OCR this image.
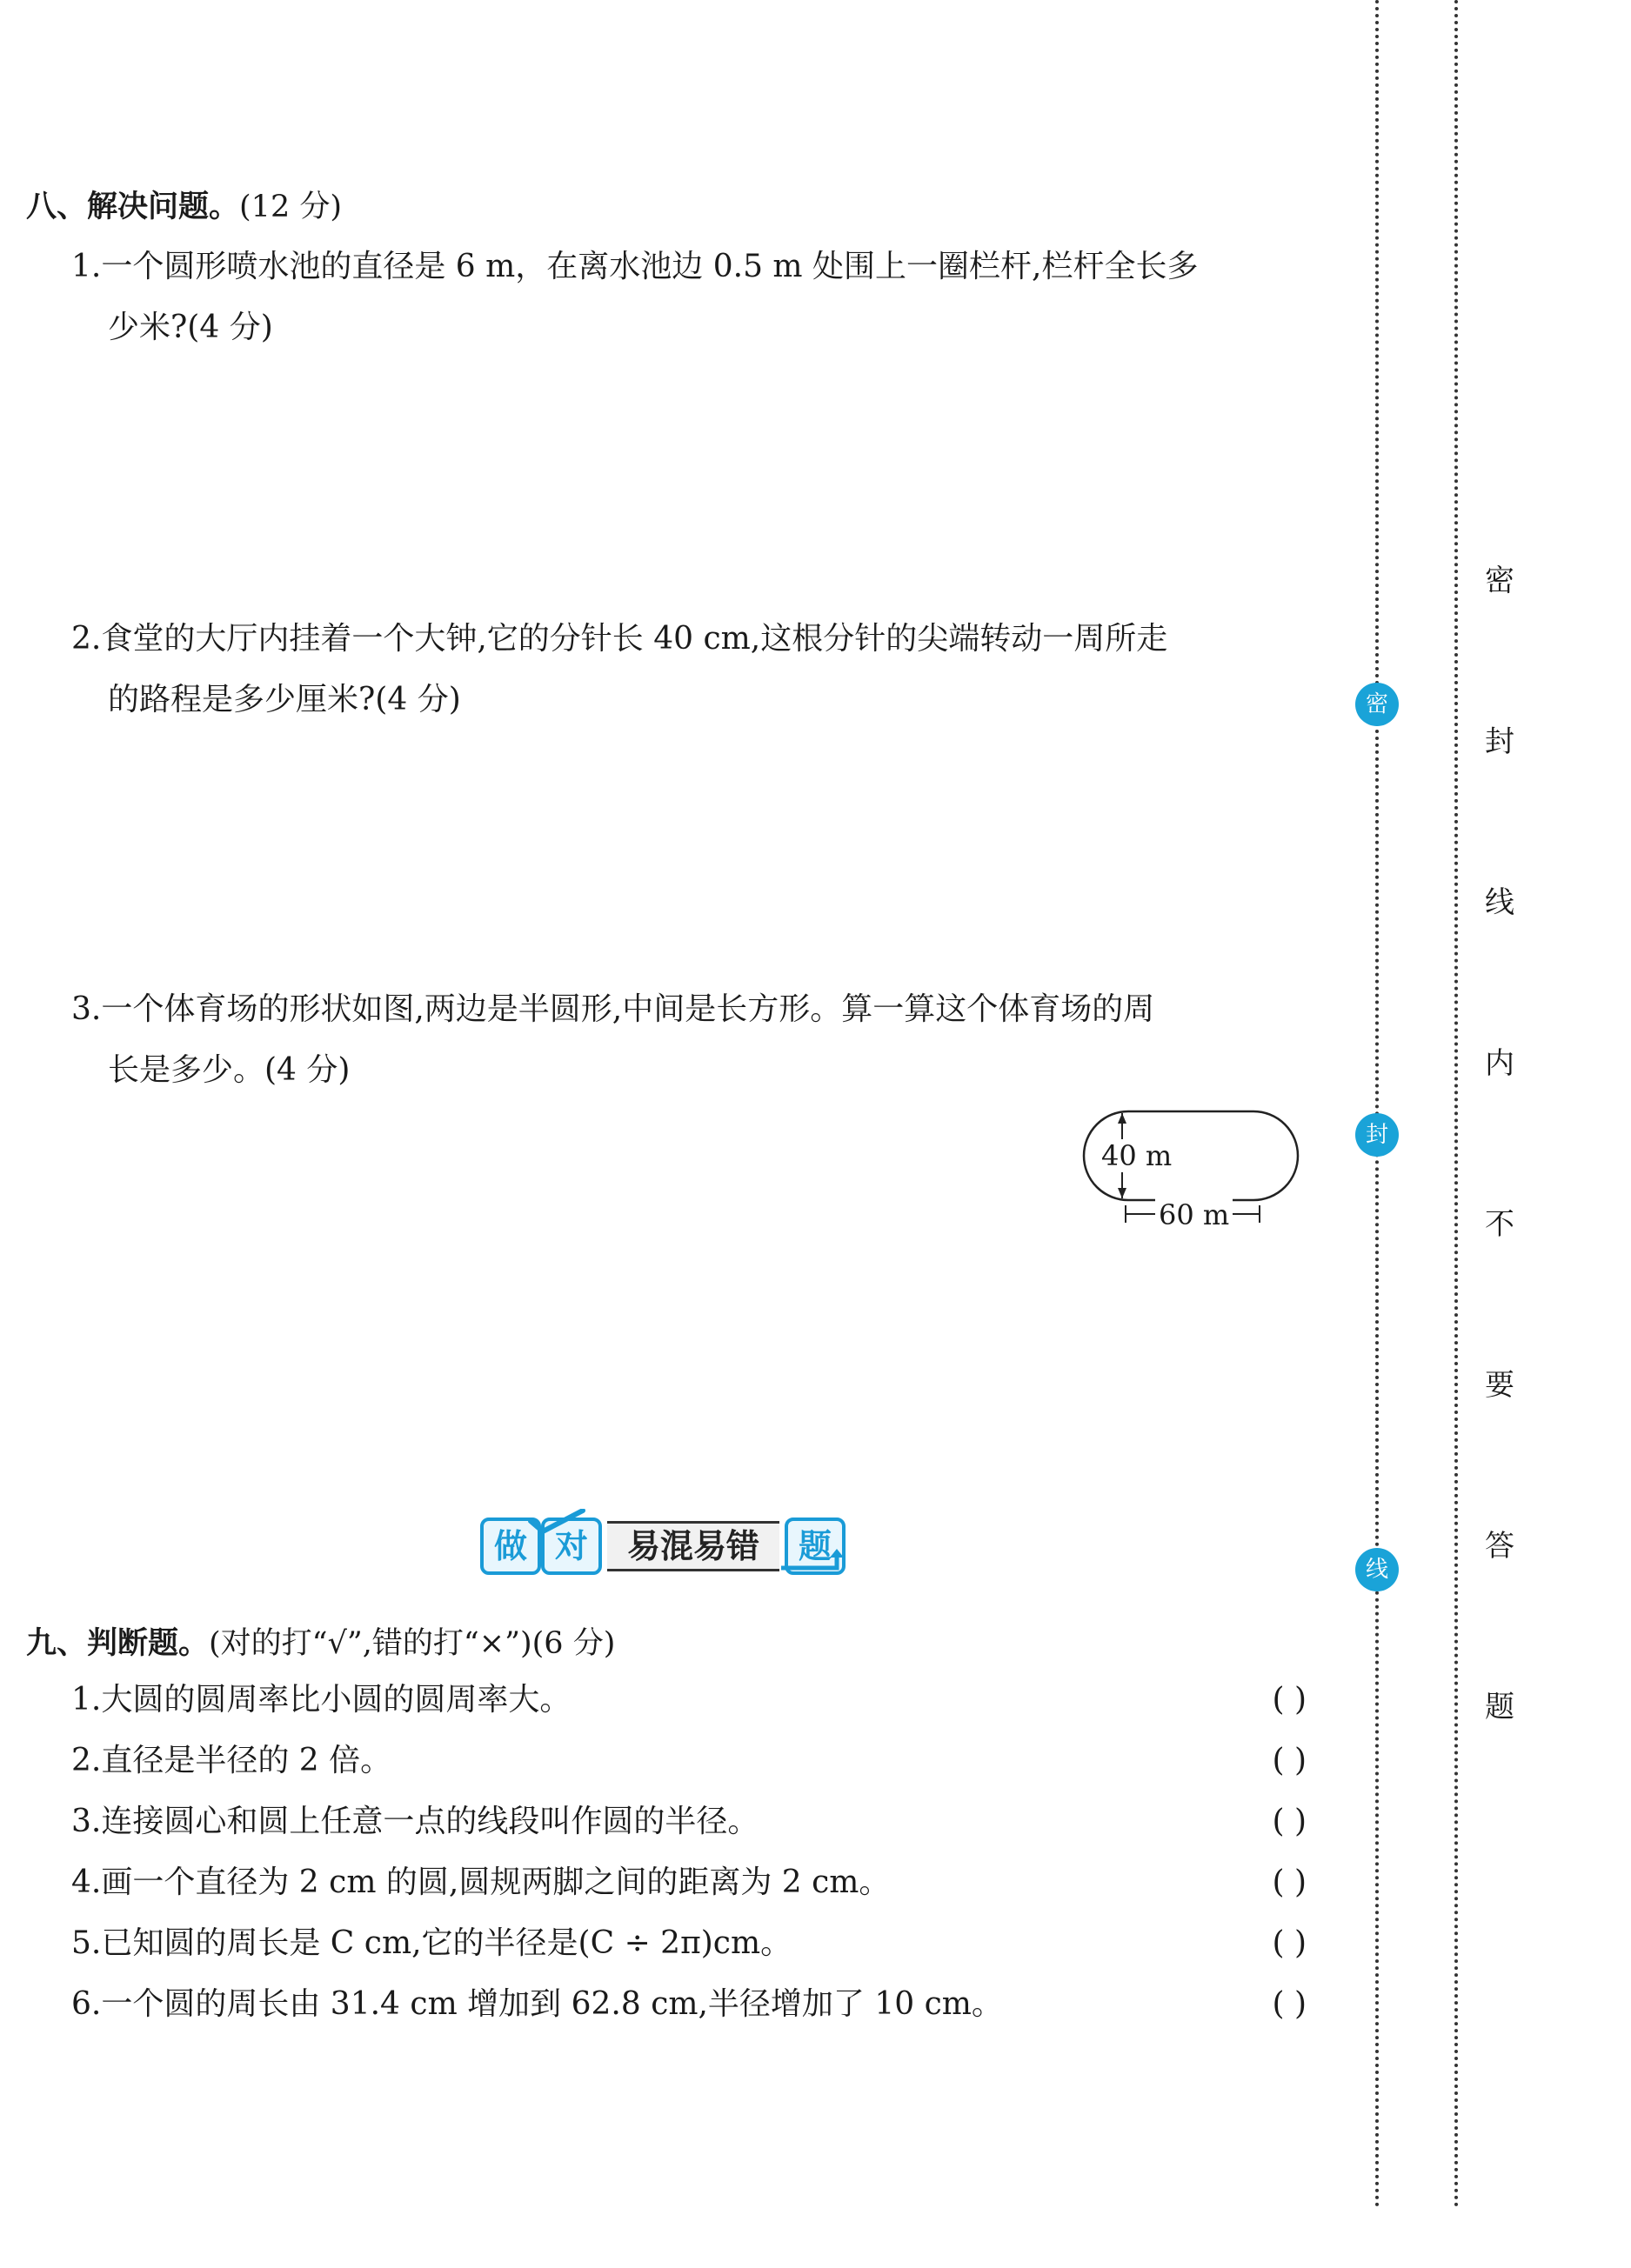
八、解决问题。(12 分)
1.一个圆形喷水池的直径是 6 m，在离水池边 0.5 m 处围上一圈栏杆,栏杆全长多
少米?(4 分)
2.食堂的大厅内挂着一个大钟,它的分针长 40 cm,这根分针的尖端转动一周所走
的路程是多少厘米?(4 分)
3.一个体育场的形状如图,两边是半圆形,中间是长方形。算一算这个体育场的周
长是多少。(4 分)
40 m
60 m
做 对	易混易错	题
九、判断题。(对的打“√”,错的打“×”)(6 分)
1.大圆的圆周率比小圆的圆周率大。	( )
2.直径是半径的 2 倍。	( )
3.连接圆心和圆上任意一点的线段叫作圆的半径。	( )
4.画一个直径为 2 cm 的圆,圆规两脚之间的距离为 2 cm。	( )
5.已知圆的周长是 C cm,它的半径是(C ÷ 2π)cm。	( )
6.一个圆的周长由 31.4 cm 增加到 62.8 cm,半径增加了 10 cm。	( )
密
封
线
密
封
线
内
不
要
答
题
